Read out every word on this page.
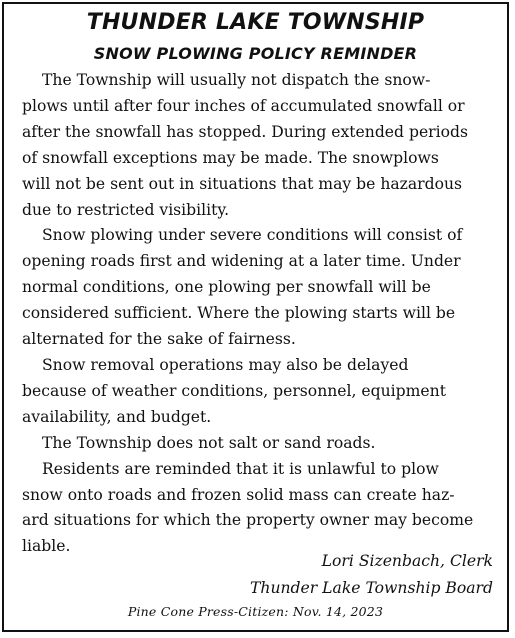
THUNDER LAKE TOWNSHIP
SNOW PLOWING POLICY REMINDER

The Township will usually not dispatch the snow-
plows until after four inches of accumulated snowfall or
after the snowfall has stopped. During extended periods
of snowfall exceptions may be made. The snowplows
will not be sent out in situations that may be hazardous
due to restricted visibility.

Snow plowing under severe conditions will consist of
opening roads first and widening at a later time. Under
normal conditions, one plowing per snowfall will be
considered sufficient. Where the plowing starts will be
alternated for the sake of fairness.

Snow removal operations may also be delayed
because of weather conditions, personnel, equipment
availability, and budget.

The Township does not salt or sand roads.

Residents are reminded that it is unlawful to plow
snow onto roads and frozen solid mass can create haz-
ard situations for which the property owner may become
liable.

Lori Sizenbach, Clerk
Thunder Lake Township Board
Pine Cone Press-Citizen: Nov. 14, 2023
